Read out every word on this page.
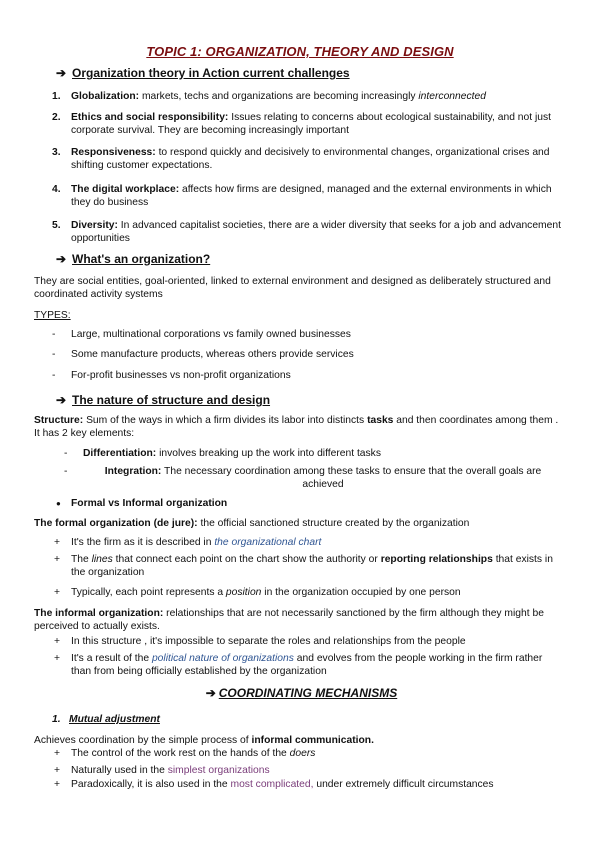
TOPIC 1: ORGANIZATION, THEORY AND DESIGN
➔ Organization theory in Action current challenges
1. Globalization: markets, techs and organizations are becoming increasingly interconnected
2. Ethics and social responsibility: Issues relating to concerns about ecological sustainability, and not just corporate survival. They are becoming increasingly important
3. Responsiveness: to respond quickly and decisively to environmental changes, organizational crises and shifting customer expectations.
4. The digital workplace: affects how firms are designed, managed and the external environments in which they do business
5. Diversity: In advanced capitalist societies, there are a wider diversity that seeks for a job and advancement opportunities
➔ What's an organization?
They are social entities, goal-oriented, linked to external environment and designed as deliberately structured and coordinated activity systems
TYPES:
- Large, multinational corporations vs family owned businesses
- Some manufacture products, whereas others provide services
- For-profit businesses vs non-profit organizations
➔ The nature of structure and design
Structure: Sum of the ways in which a firm divides its labor into distincts tasks and then coordinates among them . It has 2 key elements:
- Differentiation: involves breaking up the work into different tasks
-	Integration: The necessary coordination among these tasks to ensure that the overall goals are achieved
● Formal vs Informal organization
The formal organization (de jure): the official sanctioned structure created by the organization
+ It's the firm as it is described in the organizational chart
+ The lines that connect each point on the chart show the authority or reporting relationships that exists in the organization
+ Typically, each point represents a position in the organization occupied by one person
The informal organization: relationships that are not necessarily sanctioned by the firm although they might be perceived to actually exists.
+ In this structure , it's impossible to separate the roles and relationships from the people
+ It's a result of the political nature of organizations and evolves from the people working in the firm rather than from being officially established by the organization
➔ COORDINATING MECHANISMS
1. Mutual adjustment
Achieves coordination by the simple process of informal communication.
+ The control of the work rest on the hands of the doers
+ Naturally used in the simplest organizations
+ Paradoxically, it is also used in the most complicated, under extremely difficult circumstances
